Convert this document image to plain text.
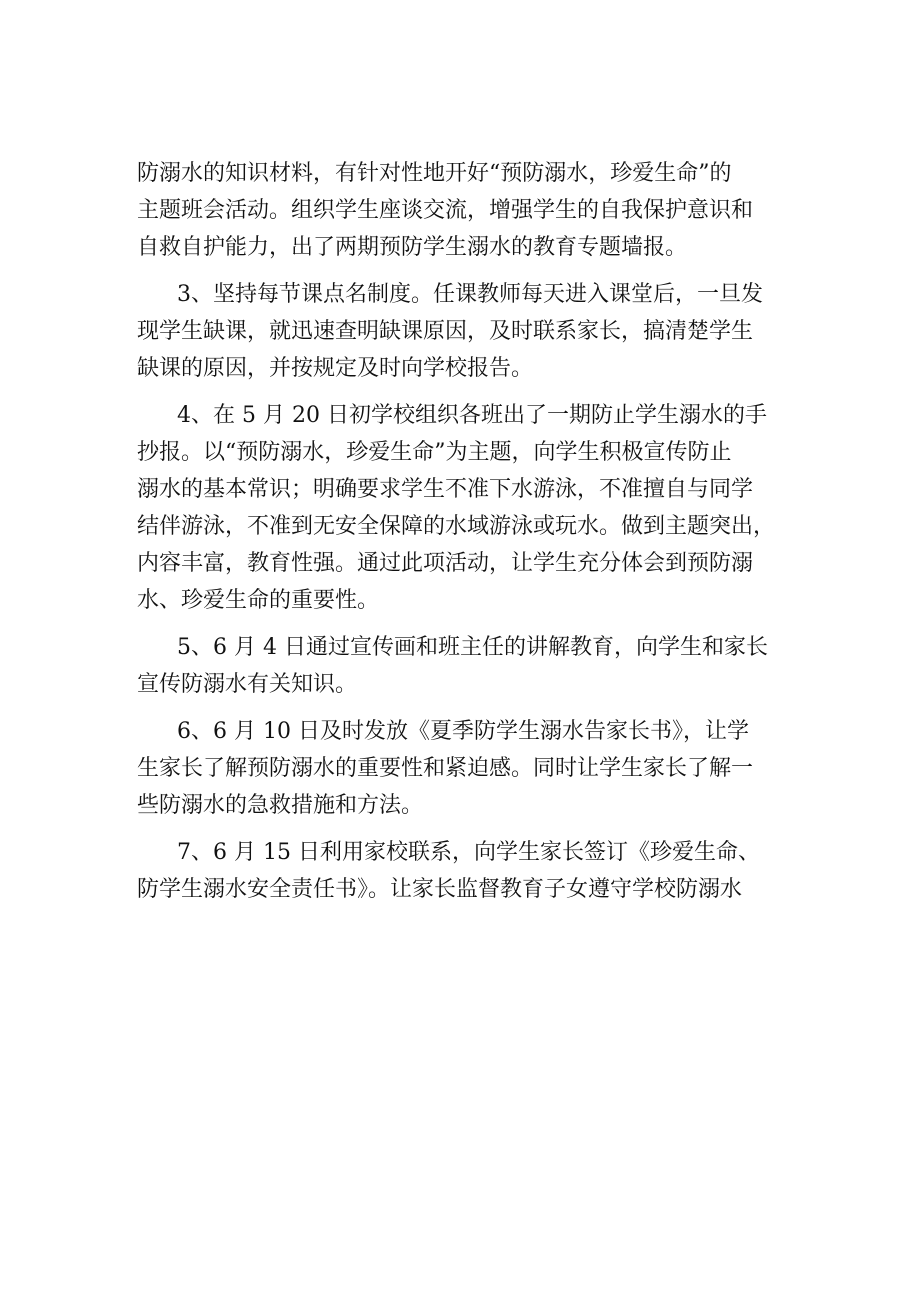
防溺水的知识材料，有针对性地开好“预防溺水，珍爱生命”的
主题班会活动。组织学生座谈交流，增强学生的自我保护意识和
自救自护能力，出了两期预防学生溺水的教育专题墙报。
3、坚持每节课点名制度。任课教师每天进入课堂后，一旦发
现学生缺课，就迅速查明缺课原因，及时联系家长，搞清楚学生
缺课的原因，并按规定及时向学校报告。
4、在 5 月 20 日初学校组织各班出了一期防止学生溺水的手
抄报。以“预防溺水，珍爱生命”为主题，向学生积极宣传防止
溺水的基本常识；明确要求学生不准下水游泳，不准擅自与同学
结伴游泳，不准到无安全保障的水域游泳或玩水。做到主题突出，
内容丰富，教育性强。通过此项活动，让学生充分体会到预防溺
水、珍爱生命的重要性。
5、6 月 4 日通过宣传画和班主任的讲解教育，向学生和家长
宣传防溺水有关知识。
6、6 月 10 日及时发放《夏季防学生溺水告家长书》，让学
生家长了解预防溺水的重要性和紧迫感。同时让学生家长了解一
些防溺水的急救措施和方法。
7、6 月 15 日利用家校联系，向学生家长签订《珍爱生命、
防学生溺水安全责任书》。让家长监督教育子女遵守学校防溺水
